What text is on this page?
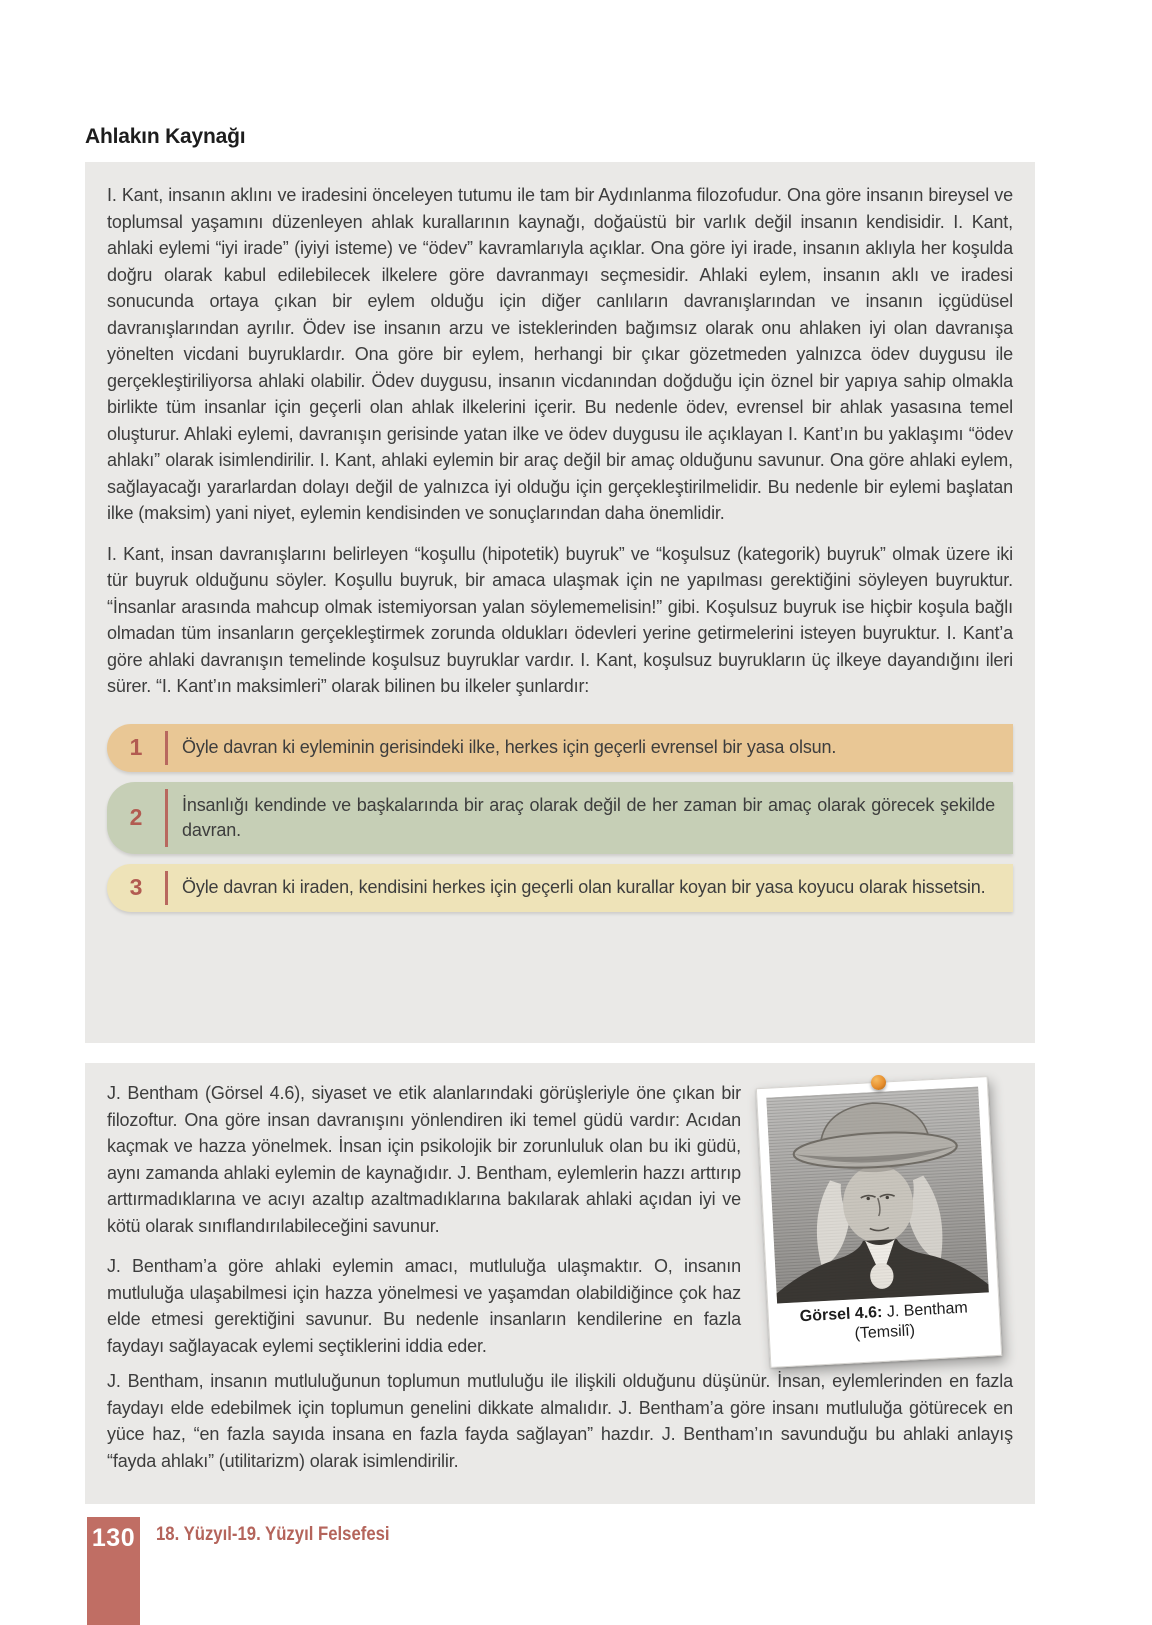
Ahlakın Kaynağı

I. Kant, insanın aklını ve iradesini önceleyen tutumu ile tam bir Aydınlanma filozofudur. Ona göre insanın bireysel ve toplumsal yaşamını düzenleyen ahlak kurallarının kaynağı, doğaüstü bir varlık değil insanın kendisidir. I. Kant, ahlaki eylemi “iyi irade” (iyiyi isteme) ve “ödev” kavramlarıyla açıklar. Ona göre iyi irade, insanın aklıyla her koşulda doğru olarak kabul edilebilecek ilkelere göre davranmayı seçmesidir. Ahlaki eylem, insanın aklı ve iradesi sonucunda ortaya çıkan bir eylem olduğu için diğer canlıların davranışlarından ve insanın içgüdüsel davranışlarından ayrılır. Ödev ise insanın arzu ve isteklerinden bağımsız olarak onu ahlaken iyi olan davranışa yönelten vicdani buyruklardır. Ona göre bir eylem, herhangi bir çıkar gözetmeden yalnızca ödev duygusu ile gerçekleştiriliyorsa ahlaki olabilir. Ödev duygusu, insanın vicdanından doğduğu için öznel bir yapıya sahip olmakla birlikte tüm insanlar için geçerli olan ahlak ilkelerini içerir. Bu nedenle ödev, evrensel bir ahlak yasasına temel oluşturur. Ahlaki eylemi, davranışın gerisinde yatan ilke ve ödev duygusu ile açıklayan I. Kant’ın bu yaklaşımı “ödev ahlakı” olarak isimlendirilir. I. Kant, ahlaki eylemin bir araç değil bir amaç olduğunu savunur. Ona göre ahlaki eylem, sağlayacağı yararlardan dolayı değil de yalnızca iyi olduğu için gerçekleştirilmelidir. Bu nedenle bir eylemi başlatan ilke (maksim) yani niyet, eylemin kendisinden ve sonuçlarından daha önemlidir.

I. Kant, insan davranışlarını belirleyen “koşullu (hipotetik) buyruk” ve “koşulsuz (kategorik) buyruk” olmak üzere iki tür buyruk olduğunu söyler. Koşullu buyruk, bir amaca ulaşmak için ne yapılması gerektiğini söyleyen buyruktur. “İnsanlar arasında mahcup olmak istemiyorsan yalan söylememelisin!” gibi. Koşulsuz buyruk ise hiçbir koşula bağlı olmadan tüm insanların gerçekleştirmek zorunda oldukları ödevleri yerine getirmelerini isteyen buyruktur. I. Kant’a göre ahlaki davranışın temelinde koşulsuz buyruklar vardır. I. Kant, koşulsuz buyrukların üç ilkeye dayandığını ileri sürer. “I. Kant’ın maksimleri” olarak bilinen bu ilkeler şunlardır:

1	Öyle davran ki eyleminin gerisindeki ilke, herkes için geçerli evrensel bir yasa olsun.
2	İnsanlığı kendinde ve başkalarında bir araç olarak değil de her zaman bir amaç olarak görecek şekilde davran.
3	Öyle davran ki iraden, kendisini herkes için geçerli olan kurallar koyan bir yasa koyucu olarak hissetsin.
Görsel 4.6: J. Bentham
(Temsilî)

J. Bentham (Görsel 4.6), siyaset ve etik alanlarındaki görüşleriyle öne çıkan bir filozoftur. Ona göre insan davranışını yönlendiren iki temel güdü vardır: Acıdan kaçmak ve hazza yönelmek. İnsan için psikolojik bir zorunluluk olan bu iki güdü, aynı zamanda ahlaki eylemin de kaynağıdır. J. Bentham, eylemlerin hazzı arttırıp arttırmadıklarına ve acıyı azaltıp azaltmadıklarına bakılarak ahlaki açıdan iyi ve kötü olarak sınıflandırılabileceğini savunur.

J. Bentham’a göre ahlaki eylemin amacı, mutluluğa ulaşmaktır. O, insanın mutluluğa ulaşabilmesi için hazza yönelmesi ve yaşamdan olabildiğince çok haz elde etmesi gerektiğini savunur. Bu nedenle insanların kendilerine en fazla faydayı sağlayacak eylemi seçtiklerini iddia eder.

J. Bentham, insanın mutluluğunun toplumun mutluluğu ile ilişkili olduğunu düşünür. İnsan, eylemlerinden en fazla faydayı elde edebilmek için toplumun genelini dikkate almalıdır. J. Bentham’a göre insanı mutluluğa götürecek en yüce haz, “en fazla sayıda insana en fazla fayda sağlayan” hazdır. J. Bentham’ın savunduğu bu ahlaki anlayış “fayda ahlakı” (utilitarizm) olarak isimlendirilir.

130 18. Yüzyıl-19. Yüzyıl Felsefesi
